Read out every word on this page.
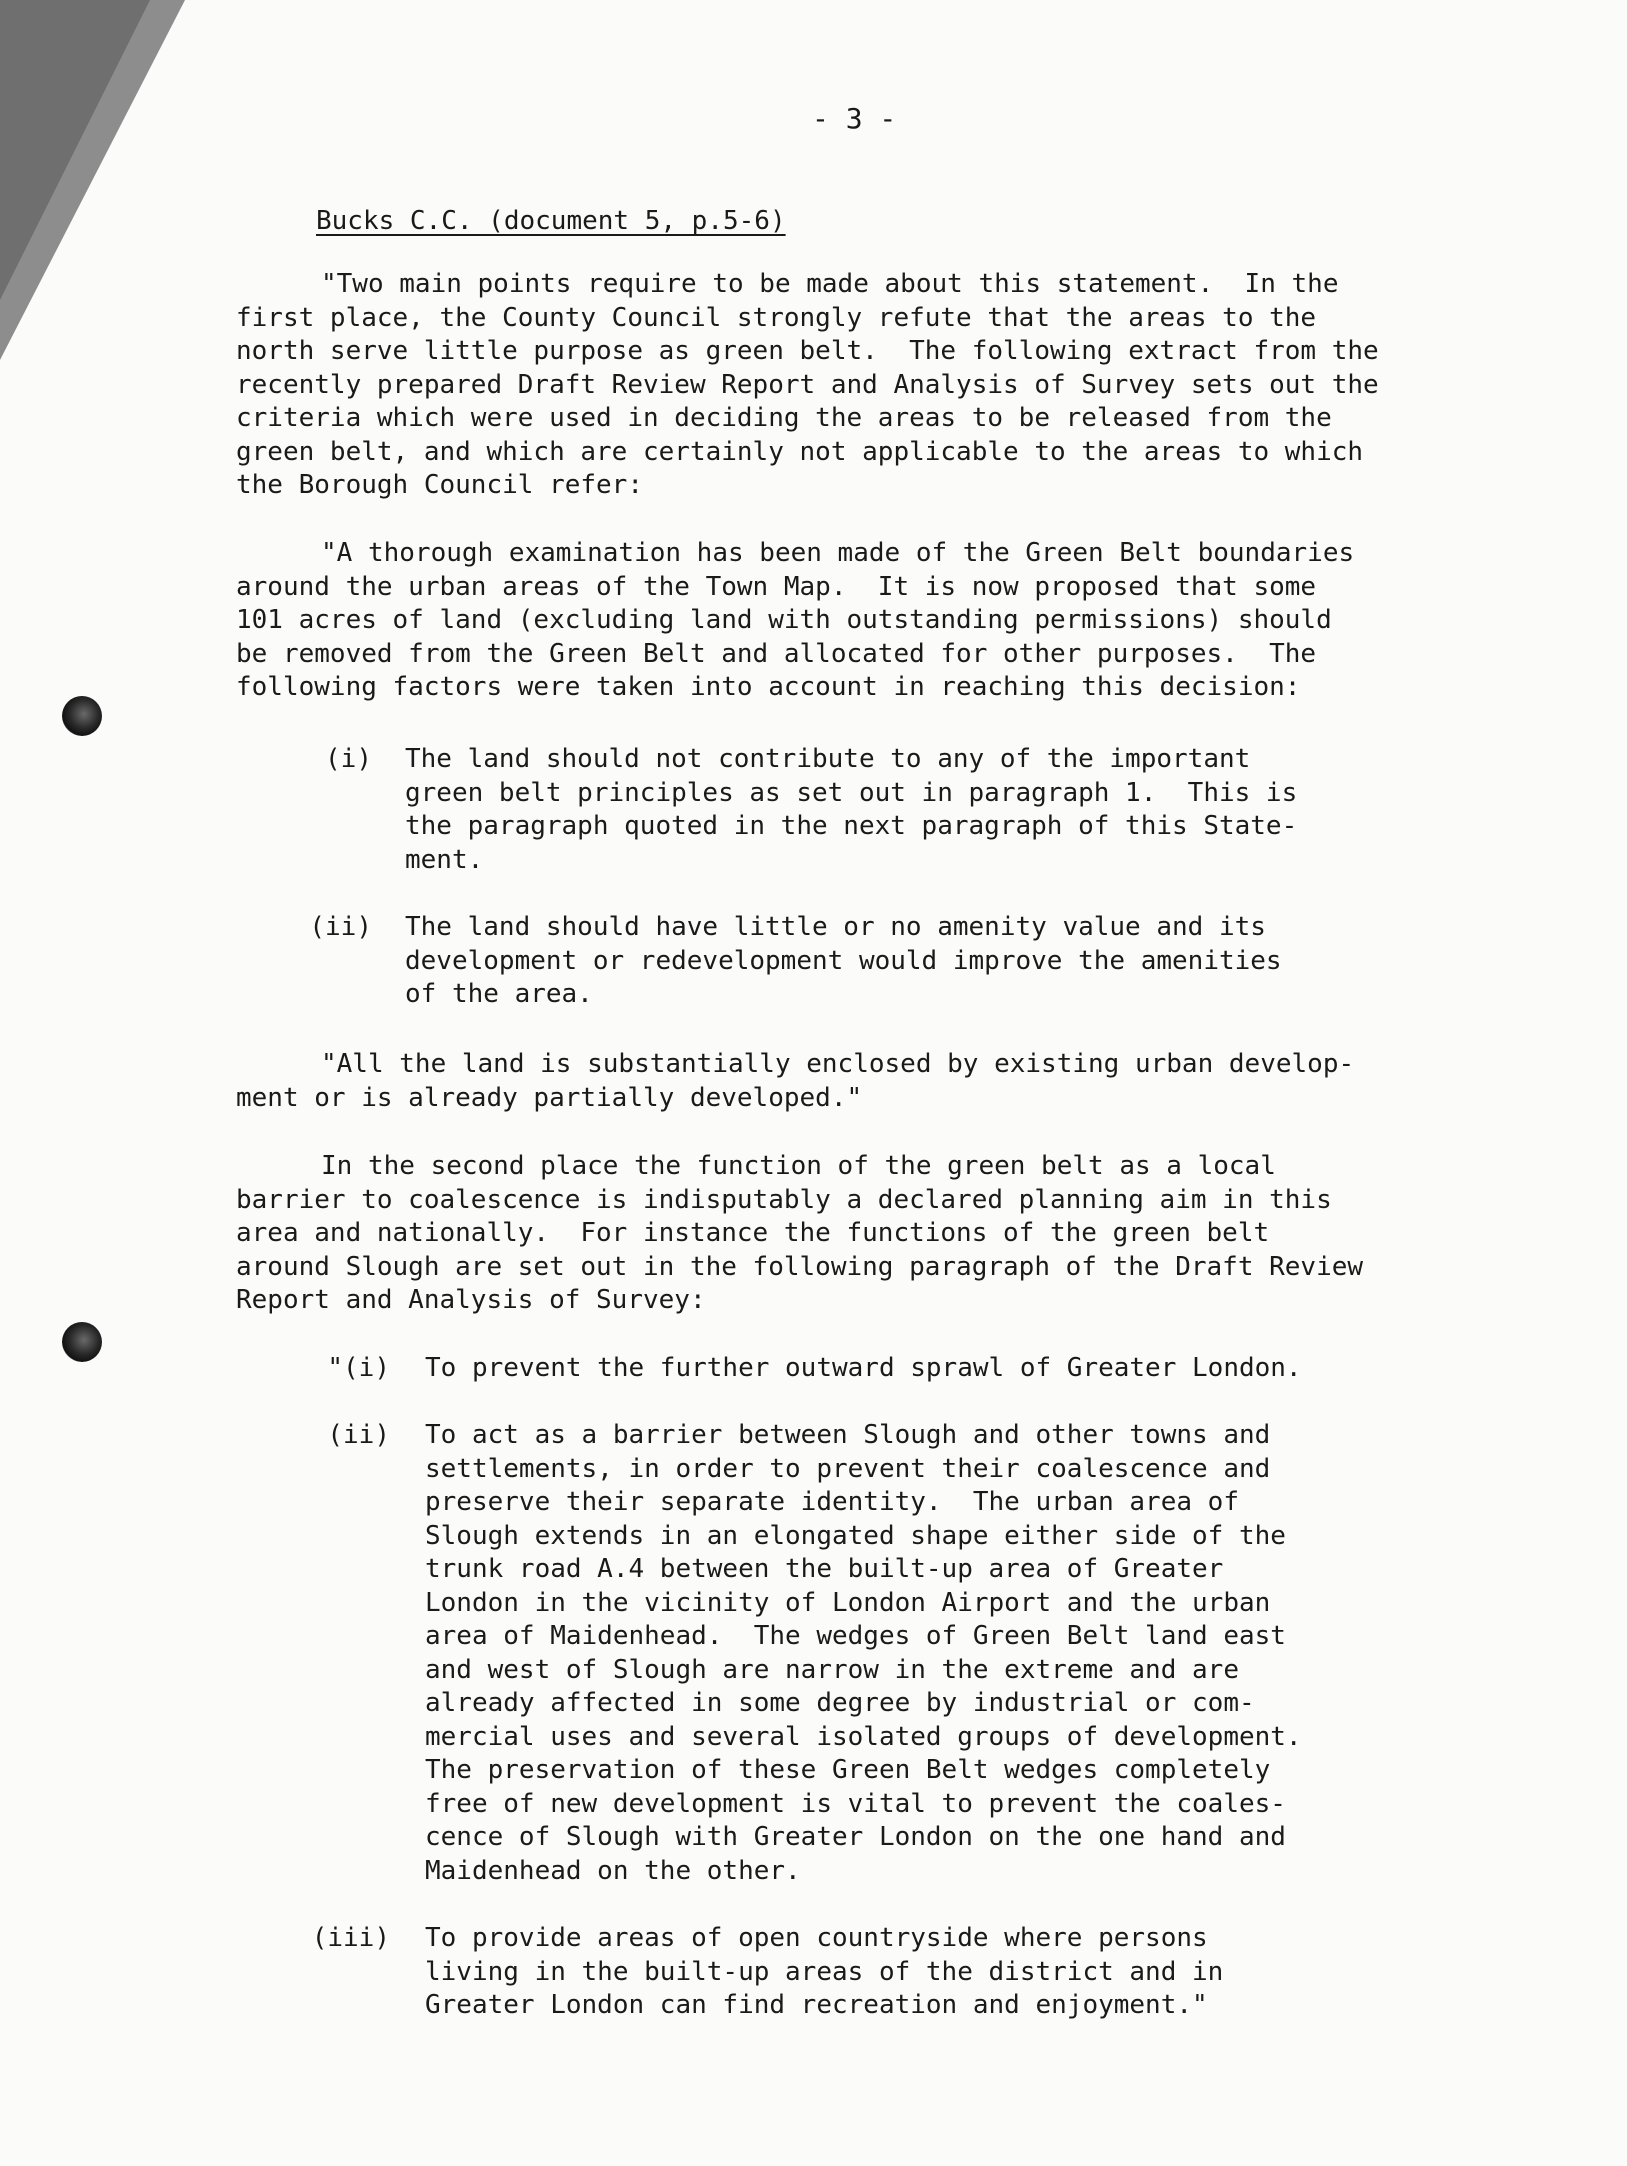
- 3 -

Bucks C.C. (document 5, p.5-6)

"Two main points require to be made about this statement.  In the
first place, the County Council strongly refute that the areas to the
north serve little purpose as green belt.  The following extract from the
recently prepared Draft Review Report and Analysis of Survey sets out the
criteria which were used in deciding the areas to be released from the
green belt, and which are certainly not applicable to the areas to which
the Borough Council refer:

"A thorough examination has been made of the Green Belt boundaries
around the urban areas of the Town Map.  It is now proposed that some
101 acres of land (excluding land with outstanding permissions) should
be removed from the Green Belt and allocated for other purposes.  The
following factors were taken into account in reaching this decision:

(i) The land should not contribute to any of the important
green belt principles as set out in paragraph 1.  This is
the paragraph quoted in the next paragraph of this State-
ment.
(ii) The land should have little or no amenity value and its
development or redevelopment would improve the amenities
of the area.

"All the land is substantially enclosed by existing urban develop-
ment or is already partially developed."

In the second place the function of the green belt as a local
barrier to coalescence is indisputably a declared planning aim in this
area and nationally.  For instance the functions of the green belt
around Slough are set out in the following paragraph of the Draft Review
Report and Analysis of Survey:

"(i) To prevent the further outward sprawl of Greater London.
(ii) To act as a barrier between Slough and other towns and
settlements, in order to prevent their coalescence and
preserve their separate identity.  The urban area of
Slough extends in an elongated shape either side of the
trunk road A.4 between the built-up area of Greater
London in the vicinity of London Airport and the urban
area of Maidenhead.  The wedges of Green Belt land east
and west of Slough are narrow in the extreme and are
already affected in some degree by industrial or com-
mercial uses and several isolated groups of development.
The preservation of these Green Belt wedges completely
free of new development is vital to prevent the coales-
cence of Slough with Greater London on the one hand and
Maidenhead on the other.
(iii) To provide areas of open countryside where persons
living in the built-up areas of the district and in
Greater London can find recreation and enjoyment."
